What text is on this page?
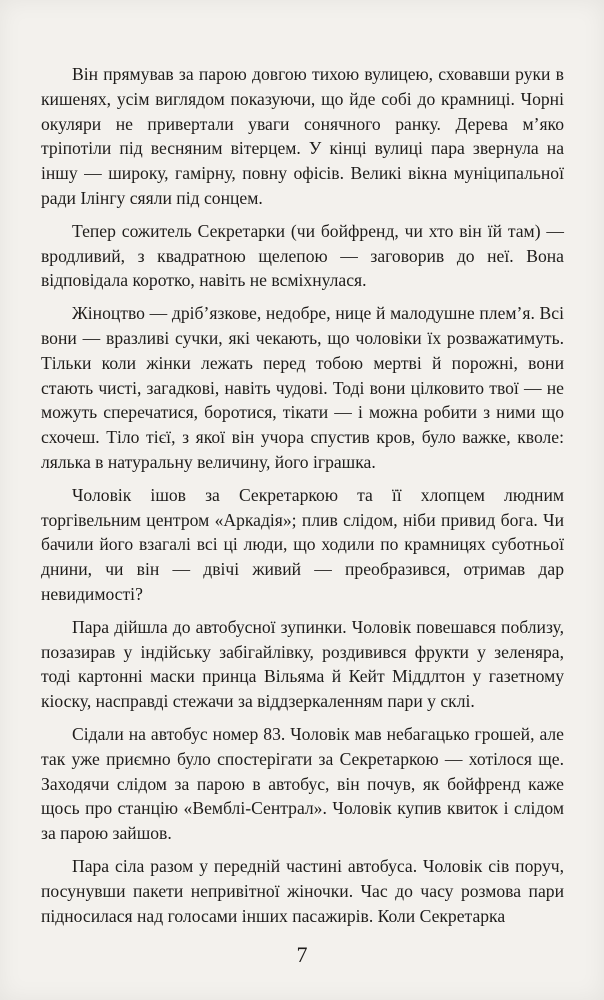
Він прямував за парою довгою тихою вулицею, сховавши руки в кишенях, усім виглядом показуючи, що йде собі до крамниці. Чорні окуляри не привертали уваги сонячного ранку. Дерева м’яко тріпотіли під весняним вітерцем. У кінці вулиці пара звернула на іншу — широку, гамірну, повну офісів. Великі вікна муніципальної ради Ілінгу сяяли під сонцем.

Тепер сожитель Секретарки (чи бойфренд, чи хто він їй там) — вродливий, з квадратною щелепою — заговорив до неї. Вона відповідала коротко, навіть не всміхнулася.

Жіноцтво — дріб’язкове, недобре, нице й малодушне плем’я. Всі вони — вразливі сучки, які чекають, що чоловіки їх розважатимуть. Тільки коли жінки лежать перед тобою мертві й порожні, вони стають чисті, загадкові, навіть чудові. Тоді вони цілковито твої — не можуть сперечатися, боротися, тікати — і можна робити з ними що схочеш. Тіло тієї, з якої він учора спустив кров, було важке, кволе: лялька в натуральну величину, його іграшка.

Чоловік ішов за Секретаркою та її хлопцем людним торгівельним центром «Аркадія»; плив слідом, ніби привид бога. Чи бачили його взагалі всі ці люди, що ходили по крамницях суботньої днини, чи він — двічі живий — преобразився, отримав дар невидимості?

Пара дійшла до автобусної зупинки. Чоловік повешався поблизу, позазирав у індійську забігайлівку, роздивився фрукти у зеленяра, тоді картонні маски принца Вільяма й Кейт Міддлтон у газетному кіоску, насправді стежачи за віддзеркаленням пари у склі.

Сідали на автобус номер 83. Чоловік мав небагацько грошей, але так уже приємно було спостерігати за Секретаркою — хотілося ще. Заходячи слідом за парою в автобус, він почув, як бойфренд каже щось про станцію «Вемблі-Сентрал». Чоловік купив квиток і слідом за парою зайшов.

Пара сіла разом у передній частині автобуса. Чоловік сів поруч, посунувши пакети непривітної жіночки. Час до часу розмова пари підносилася над голосами інших пасажирів. Коли Секретарка

7
